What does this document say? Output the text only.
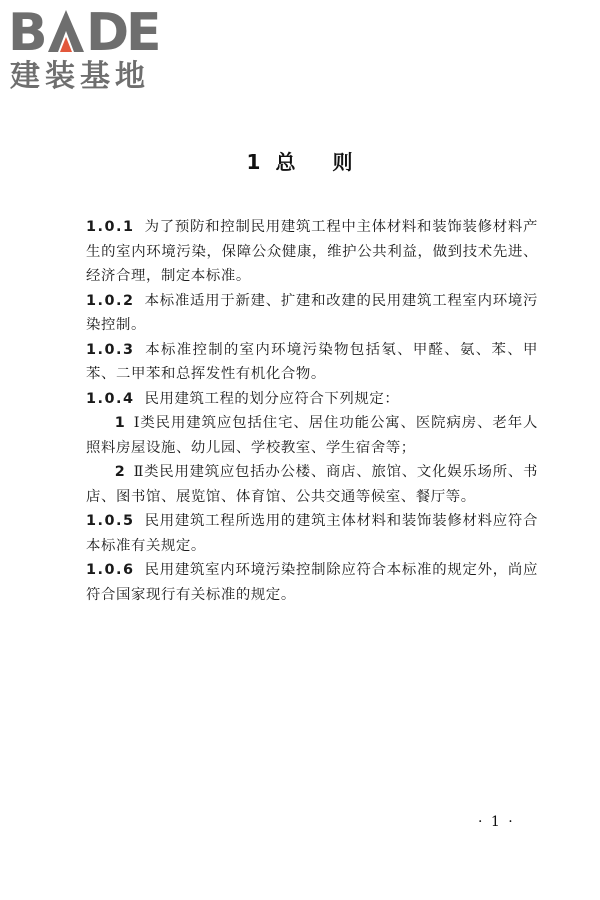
B D
E
建装基地
1 总 则

1.0.1 为了预防和控制民用建筑工程中主体材料和装饰装修材料产生的室内环境污染，保障公众健康，维护公共利益，做到技术先进、经济合理，制定本标准。

1.0.2 本标准适用于新建、扩建和改建的民用建筑工程室内环境污染控制。

1.0.3 本标准控制的室内环境污染物包括氡、甲醛、氨、苯、甲苯、二甲苯和总挥发性有机化合物。

1.0.4 民用建筑工程的划分应符合下列规定：

1 Ⅰ类民用建筑应包括住宅、居住功能公寓、医院病房、老年人照料房屋设施、幼儿园、学校教室、学生宿舍等；

2 Ⅱ类民用建筑应包括办公楼、商店、旅馆、文化娱乐场所、书店、图书馆、展览馆、体育馆、公共交通等候室、餐厅等。

1.0.5 民用建筑工程所选用的建筑主体材料和装饰装修材料应符合本标准有关规定。

1.0.6 民用建筑室内环境污染控制除应符合本标准的规定外，尚应符合国家现行有关标准的规定。

· 1 ·
